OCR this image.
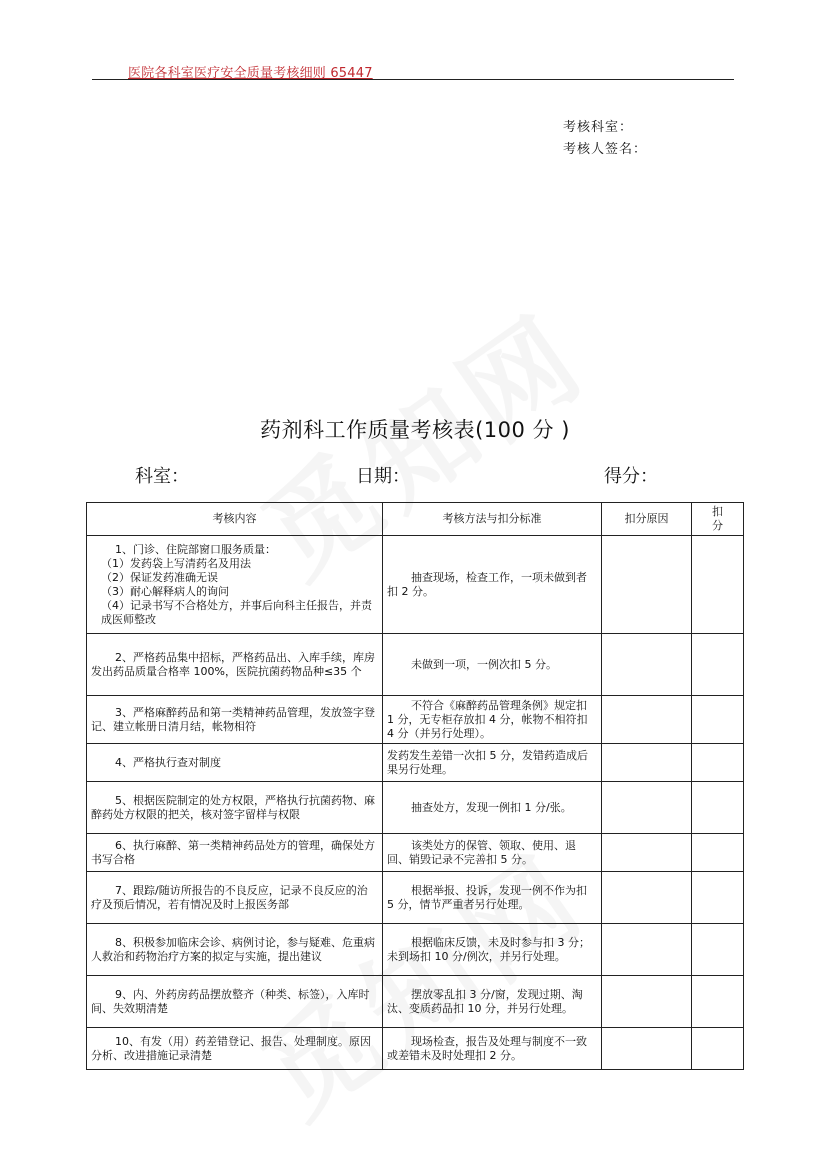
医院各科室医疗安全质量考核细则 65447
考核科室：
考核人签名：
药剂科工作质量考核表(100 分 )
科室：	日期：	得分：
考核内容	考核方法与扣分标准	扣分原因	扣
分

1、门诊、住院部窗口服务质量：
（1）发药袋上写清药名及用法
（2）保证发药准确无误
（3）耐心解释病人的询问
（4）记录书写不合格处方，并事后向科主任报告，并责成医师整改	抽查现场，检查工作，一项未做到者扣 2 分。		
2、严格药品集中招标，严格药品出、入库手续，库房发出药品质量合格率 100%，医院抗菌药物品种≤35 个	未做到一项，一例次扣 5 分。		
3、严格麻醉药品和第一类精神药品管理，发放签字登记、建立帐册日清月结，帐物相符	不符合《麻醉药品管理条例》规定扣 1 分，无专柜存放扣 4 分，帐物不相符扣 4 分（并另行处理）。		
4、严格执行查对制度	发药发生差错一次扣 5 分，发错药造成后果另行处理。		
5、根据医院制定的处方权限，严格执行抗菌药物、麻醉药处方权限的把关，核对签字留样与权限	抽查处方，发现一例扣 1 分/张。		
6、执行麻醉、第一类精神药品处方的管理，确保处方书写合格	该类处方的保管、领取、使用、退回、销毁记录不完善扣 5 分。		
7、跟踪/随访所报告的不良反应，记录不良反应的治疗及预后情况，若有情况及时上报医务部	根据举报、投诉，发现一例不作为扣 5 分，情节严重者另行处理。		
8、积极参加临床会诊、病例讨论，参与疑难、危重病人救治和药物治疗方案的拟定与实施，提出建议	根据临床反馈，未及时参与扣 3 分；未到场扣 10 分/例次，并另行处理。		
9、内、外药房药品摆放整齐（种类、标签），入库时间、失效期清楚	摆放零乱扣 3 分/窗，发现过期、淘汰、变质药品扣 10 分，并另行处理。		
10、有发（用）药差错登记、报告、处理制度。原因分析、改进措施记录清楚	现场检查，报告及处理与制度不一致或差错未及时处理扣 2 分。		
